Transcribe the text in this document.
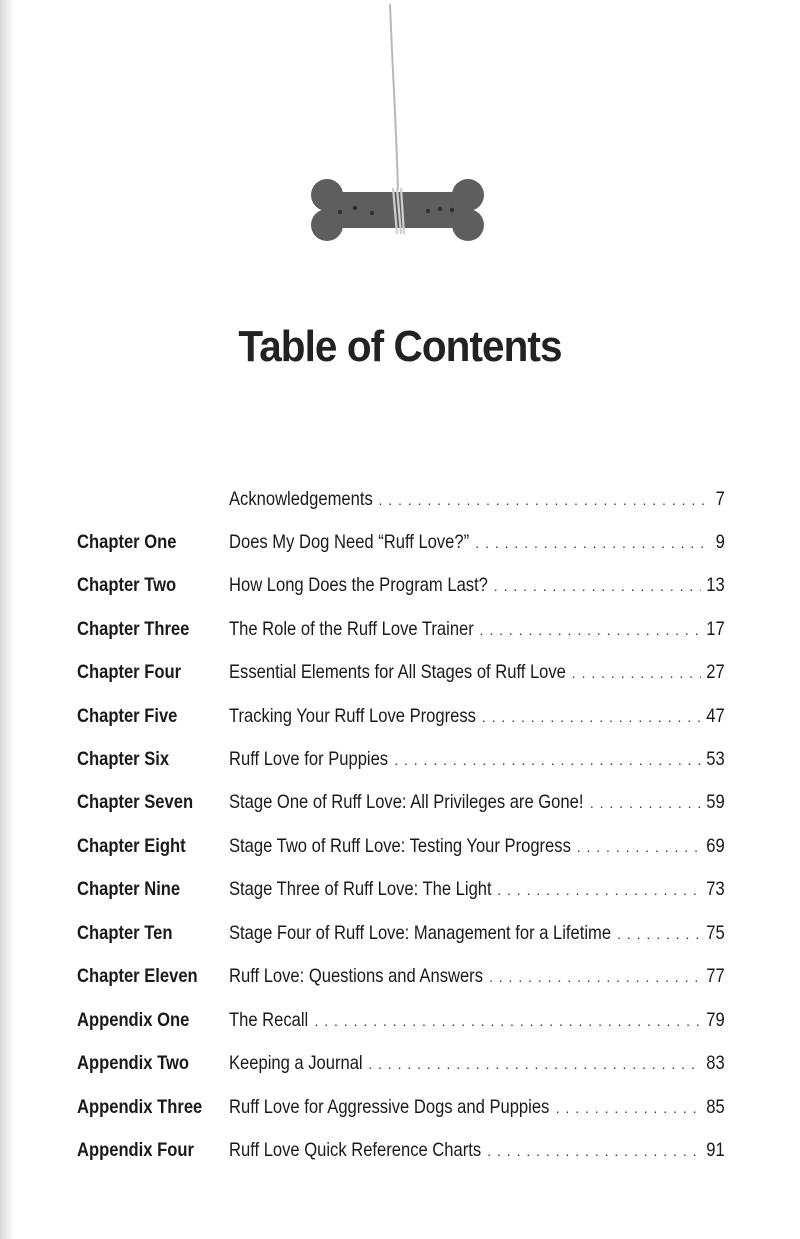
Table of Contents
Acknowledgements . . .	7
Chapter One	Does My Dog Need “Ruff Love?” . . .	9
Chapter Two	How Long Does the Program Last? . . .	13
Chapter Three The Role of the Ruff Love Trainer . . .	17
Chapter Four Essential Elements for All Stages of Ruff Love . . .	27
Chapter Five	Tracking Your Ruff Love Progress . . .	47
Chapter Six	Ruff Love for Puppies . . .	53
Chapter Seven Stage One of Ruff Love: All Privileges are Gone! . . .	59
Chapter Eight Stage Two of Ruff Love: Testing Your Progress . . .	69
Chapter Nine	Stage Three of Ruff Love: The Light . . .	73
Chapter Ten	Stage Four of Ruff Love: Management for a Lifetime . . .	75
Chapter Eleven Ruff Love: Questions and Answers . . .	77
Appendix One The Recall . . .	79
Appendix Two Keeping a Journal . . .	83
Appendix Three Ruff Love for Aggressive Dogs and Puppies . . .	85
Appendix Four Ruff Love Quick Reference Charts . . .	91
